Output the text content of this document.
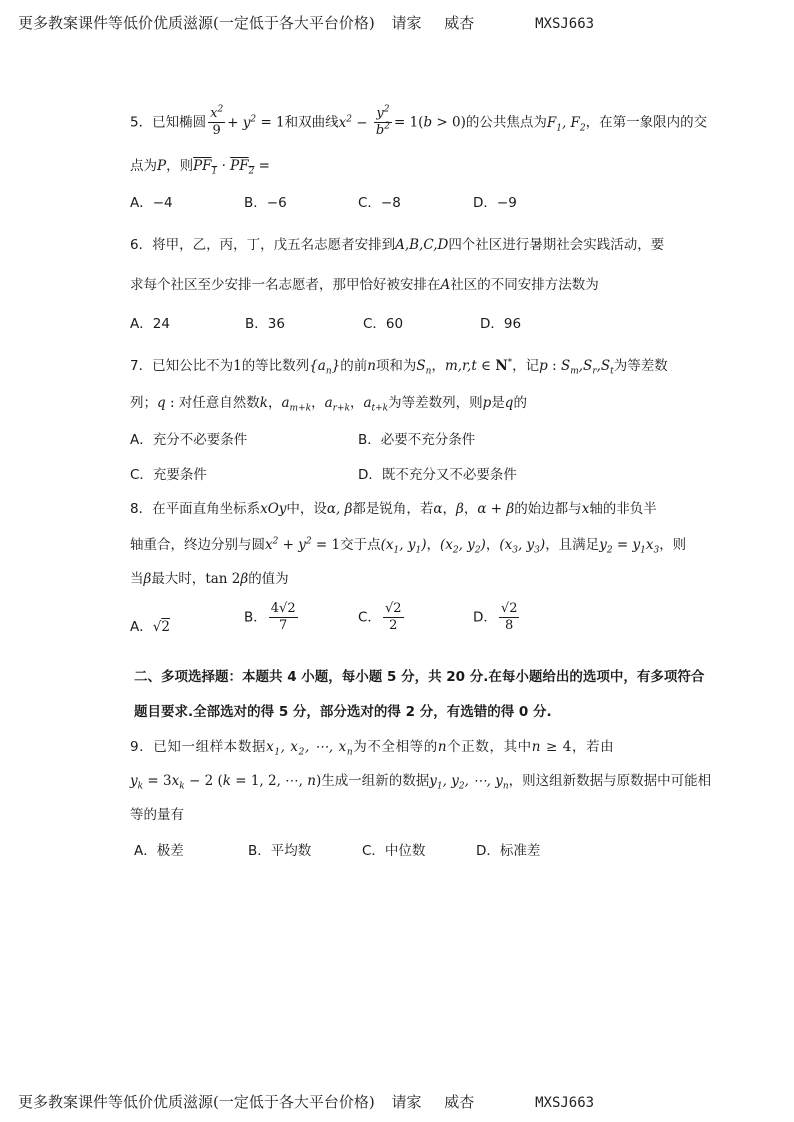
更多教案课件等低价优质滋源(一定低于各大平台价格) 请家 威杏	MXSJ663
5．已知椭圆 $\frac{x^2}{9} + y^2 = 1$和双曲线$x^2 - \frac{y^2}{b^2} = 1(b > 0)$的公共焦点为$F_1$, $F_2$，在第一象限内的交
点为P，则$PF_1 \cdot PF_2$ =
A．−4	B．−6	C．−8	D．−9
6．将甲，乙，丙，丁，戊五名志愿者安排到A,B,C,D四个社区进行暑期社会实践活动，要
求每个社区至少安排一名志愿者，那甲恰好被安排在A社区的不同安排方法数为
A．24	B．36	C．60	D．96
7．已知公比不为1的等比数列$\{a_n\}$的前n项和为$S_n$，m,r,t ∈ N*，记p : $S_m,S_r,S_t$为等差数
列；q : 对任意自然数k，$a_{m+k}$，$a_{r+k}$，$a_{t+k}$为等差数列，则p是q的
A．充分不必要条件	B．必要不充分条件
C．充要条件	D．既不充分又不必要条件
8．在平面直角坐标系xOy中，设α, β都是锐角，若α，β，α + β的始边都与x轴的非负半
轴重合，终边分别与圆$x^2 + y^2 = 1$交于点($x_1$, $y_1$)，($x_2$, $y_2$)，($x_3$, $y_3$)，且满足$y_2 = y_1x_3$，则
当β最大时，tan 2β的值为
A．√2
B． $\frac{4√2}{7}$	C． $\frac{√2}{2}$	D． $\frac{√2}{8}$
二、多项选择题：本题共 4 小题，每小题 5 分，共 20 分.在每小题给出的选项中，有多项符合
题目要求.全部选对的得 5 分，部分选对的得 2 分，有选错的得 0 分.
9．已知一组样本数据$x_1$, $x_2$, ⋯, $x_n$为不全相等的n个正数，其中n ≥ 4，若由
$y_k = 3x_k - 2$ (k = 1, 2, ⋯, n)生成一组新的数据$y_1$, $y_2$, ⋯, $y_n$，则这组新数据与原数据中可能相
等的量有
A．极差	B．平均数	C．中位数	D．标准差
更多教案课件等低价优质滋源(一定低于各大平台价格) 请家 威杏	MXSJ663
